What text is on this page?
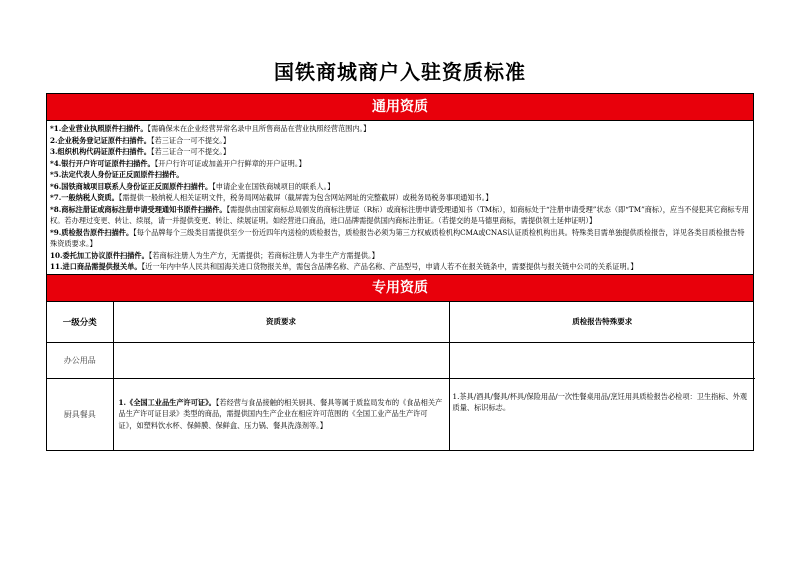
国铁商城商户入驻资质标准
通用资质

*1.企业营业执照原件扫描件。【需确保未在企业经营异常名录中且所售商品在营业执照经营范围内。】

2.企业税务登记证原件扫描件。【若三证合一可不提交。】

3.组织机构代码证原件扫描件。【若三证合一可不提交。】

*4.银行开户许可证原件扫描件。【开户行许可证或加盖开户行鲜章的开户证明。】

*5.法定代表人身份证正反面原件扫描件。

*6.国铁商城项目联系人身份证正反面原件扫描件。【申请企业在国铁商城项目的联系人。】

*7.一般纳税人资质。【需提供一般纳税人相关证明文件，税务局网站截屏（截屏需为包含网站网址的完整截屏）或税务局税务事项通知书。】

*8.商标注册证或商标注册申请受理通知书原件扫描件。【需提供由国家商标总局颁发的商标注册证（R标）或商标注册申请受理通知书（TM标），如商标处于“注册申请受理”状态（即“TM”商标），应当不侵犯其它商标专用权。若办理过变更、转让、续展，请一并提供变更、转让、续展证明。如经营进口商品，进口品牌需提供国内商标注册证。（若提交的是马德里商标，需提供领土延伸证明）】

*9.质检报告原件扫描件。【每个品牌每个三级类目需提供至少一份近四年内送检的质检报告，质检报告必须为第三方权威质检机构CMA或CNAS认证质检机构出具。特殊类目需单独提供质检报告，详见各类目质检报告特殊资质要求。】

10.委托加工协议原件扫描件。【若商标注册人为生产方，无需提供；若商标注册人为非生产方需提供。】

11.进口商品需提供报关单。【近一年内中华人民共和国海关进口货物报关单，需包含品牌名称、产品名称、产品型号，申请人若不在报关链条中，需要提供与报关链中公司的关系证明。】

专用资质
一级分类	资质要求	质检报告特殊要求
办公用品		
厨具餐具	1.《全国工业品生产许可证》。【若经营与食品接触的相关厨具、餐具等属于质监局发布的《食品相关产品生产许可证目录》类型的商品，需提供国内生产企业在相应许可范围的《全国工业产品生产许可证》，如塑料饮水杯、保鲜膜、保鲜盒、压力锅、餐具洗涤剂等。】	1.茶具/酒具/餐具/杯具/保险用品/一次性餐桌用品/烹饪用具质检报告必检项：卫生指标、外观质量、标识标志。
